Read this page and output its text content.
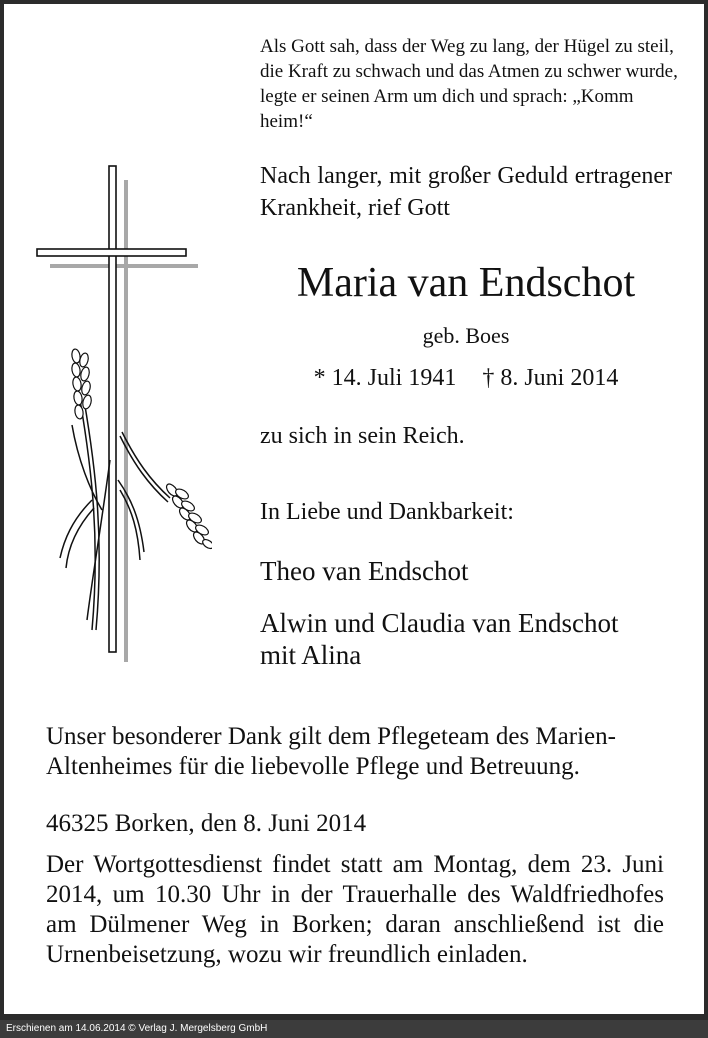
Als Gott sah, dass der Weg zu lang, der Hügel zu steil, die Kraft zu schwach und das Atmen zu schwer wurde, legte er seinen Arm um dich und sprach: „Komm heim!“
Nach langer, mit großer Geduld ertragener Krankheit, rief Gott
Maria van Endschot
geb. Boes
* 14. Juli 1941 † 8. Juni 2014
zu sich in sein Reich.
In Liebe und Dankbarkeit:
Theo van Endschot
Alwin und Claudia van Endschot
mit Alina
Unser besonderer Dank gilt dem Pflegeteam des Marien-Altenheimes für die liebevolle Pflege und Betreuung.
46325 Borken, den 8. Juni 2014
Der Wortgottesdienst findet statt am Montag, dem 23. Juni 2014, um 10.30 Uhr in der Trauerhalle des Waldfriedhofes am Dülmener Weg in Borken; daran anschließend ist die Urnenbeisetzung, wozu wir freundlich einladen.
Erschienen am 14.06.2014 © Verlag J. Mergelsberg GmbH
